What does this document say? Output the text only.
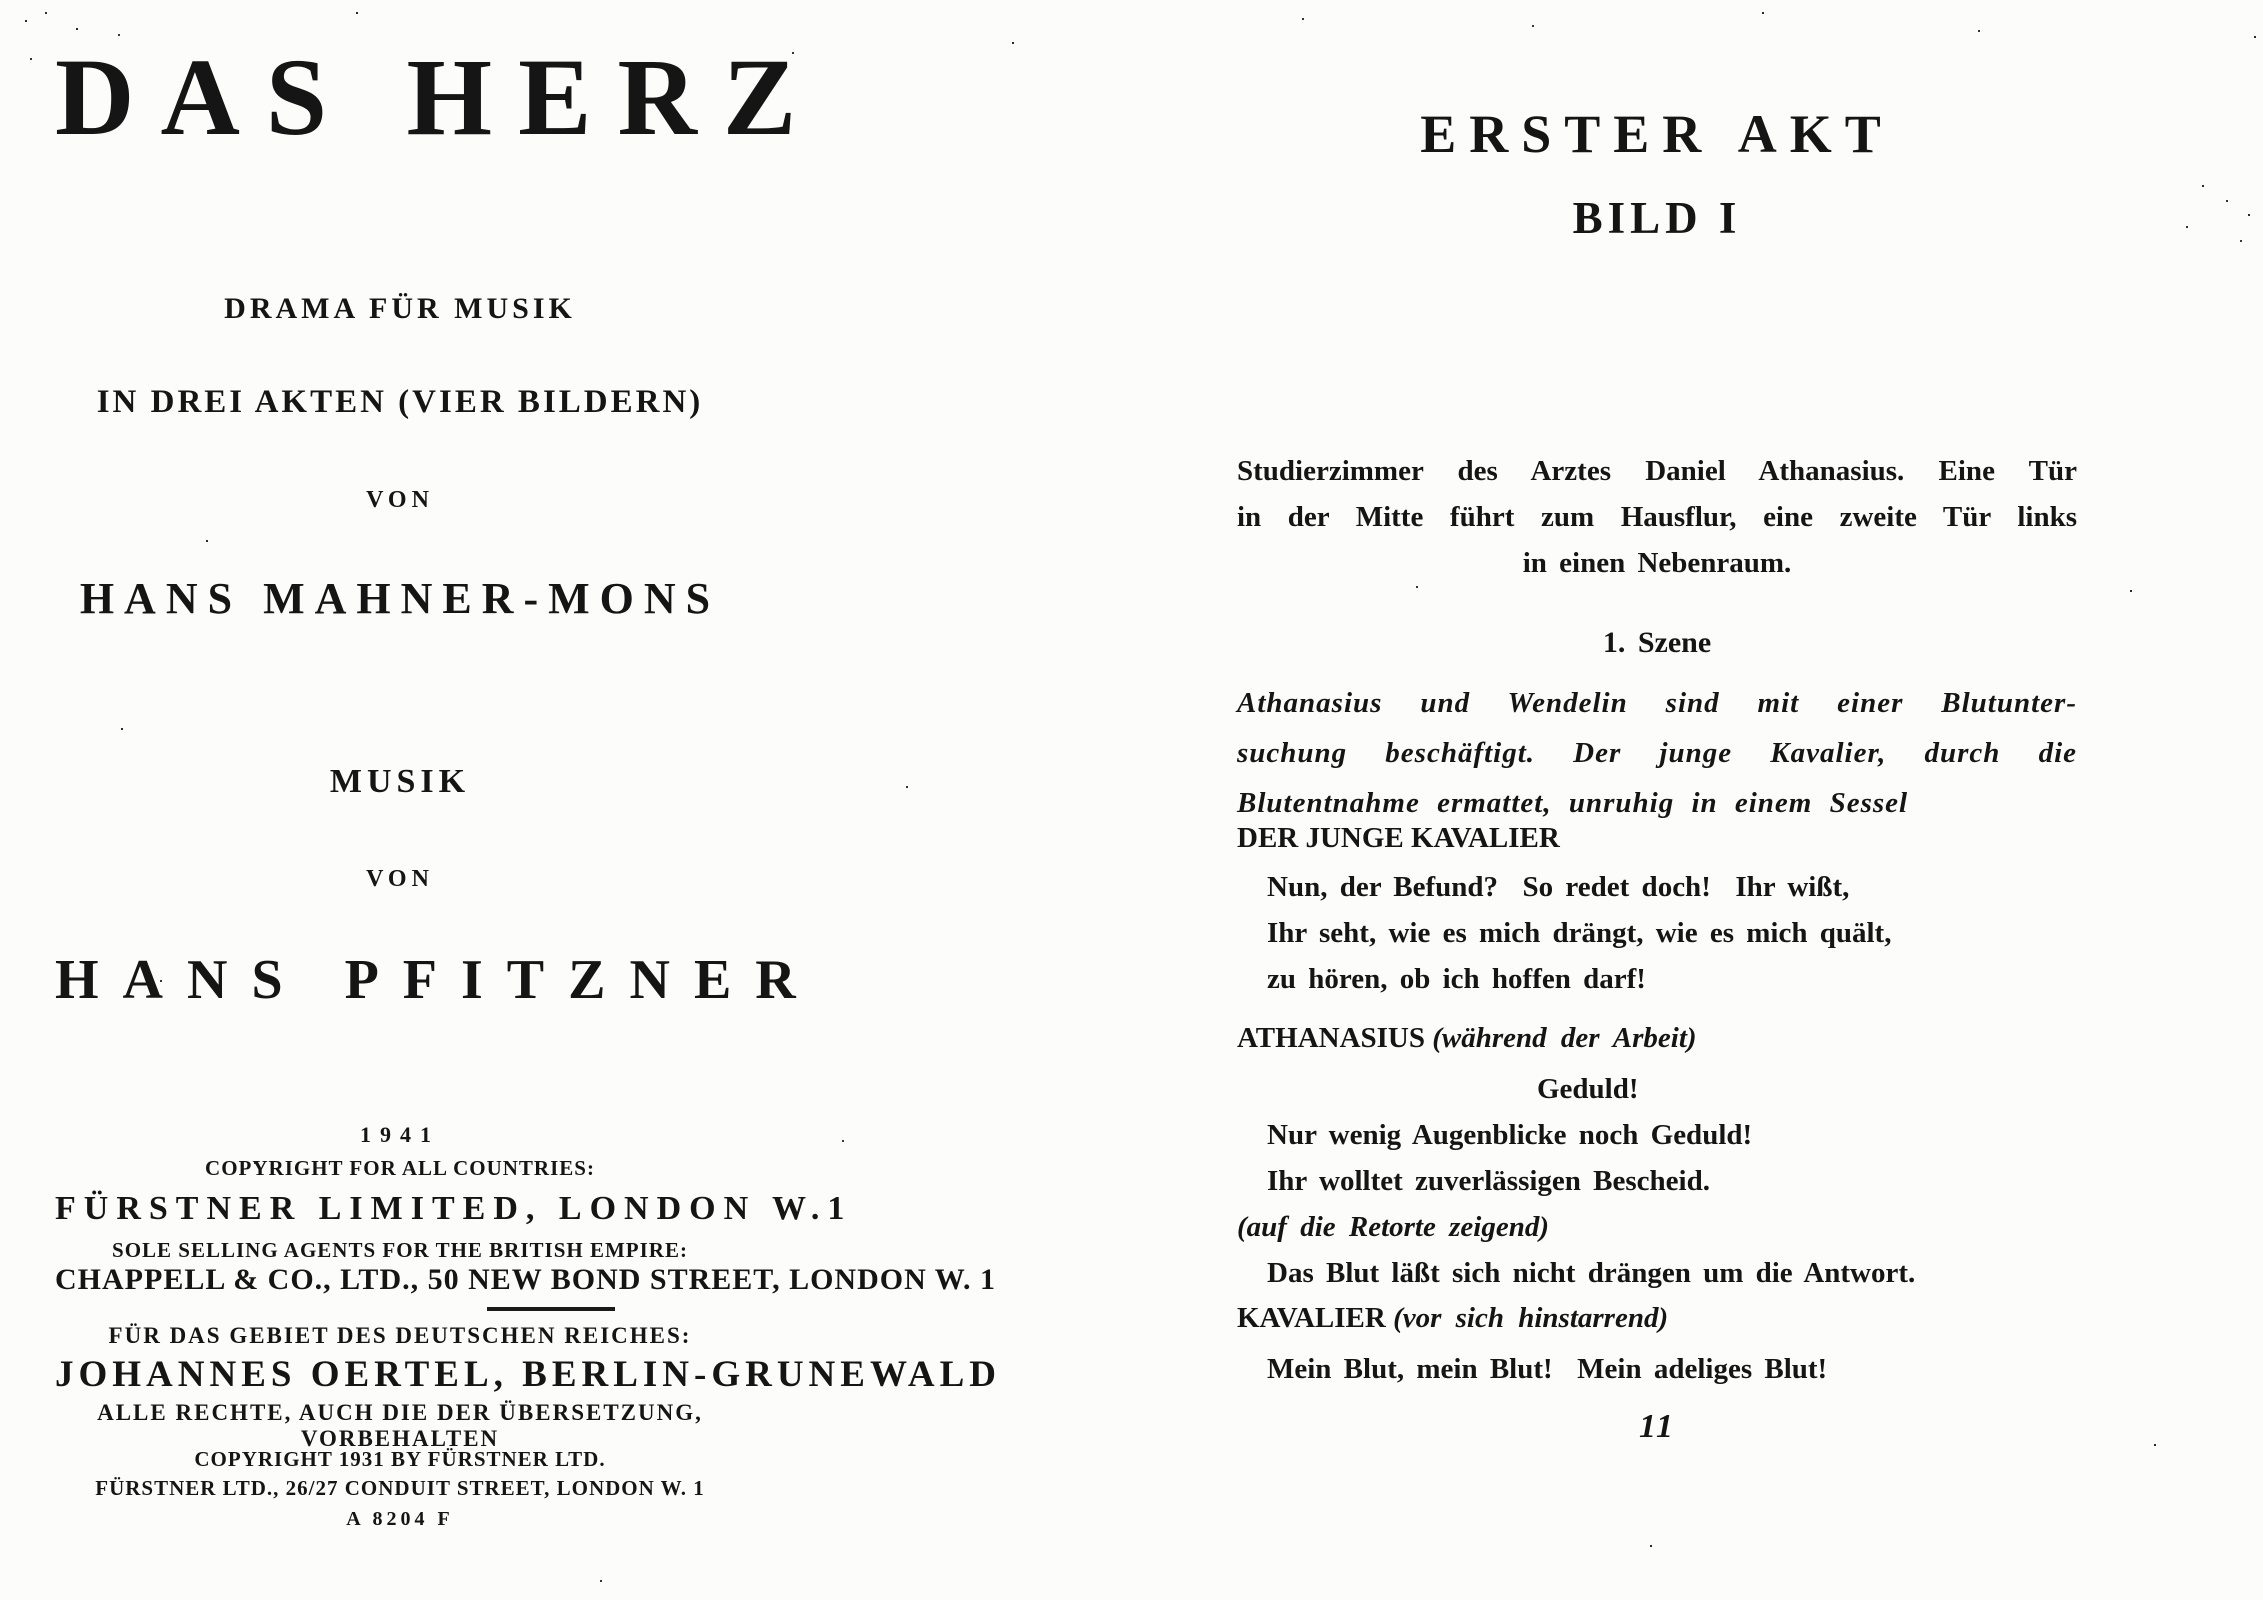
DAS HERZ
DRAMA FÜR MUSIK
IN DREI AKTEN (VIER BILDERN)
VON
HANS MAHNER-MONS
MUSIK
VON
HANS PFITZNER
1941
COPYRIGHT FOR ALL COUNTRIES:
FÜRSTNER LIMITED, LONDON W.1
SOLE SELLING AGENTS FOR THE BRITISH EMPIRE:
CHAPPELL & CO., LTD., 50 NEW BOND STREET, LONDON W. 1
FÜR DAS GEBIET DES DEUTSCHEN REICHES:
JOHANNES OERTEL, BERLIN-GRUNEWALD
ALLE RECHTE, AUCH DIE DER ÜBERSETZUNG, VORBEHALTEN
COPYRIGHT 1931 BY FÜRSTNER LTD.
FÜRSTNER LTD., 26/27 CONDUIT STREET, LONDON W. 1
A 8204 F
ERSTER AKT
BILD I
Studierzimmer des Arztes Daniel Athanasius. Eine Tür
in der Mitte führt zum Hausflur, eine zweite Tür links
in einen Nebenraum.
1. Szene
Athanasius und Wendelin sind mit einer Blutunter-
suchung beschäftigt. Der junge Kavalier, durch die
Blutentnahme ermattet, unruhig in einem Sessel
DER JUNGE KAVALIER
Nun, der Befund?  So redet doch!  Ihr wißt,
Ihr seht, wie es mich drängt, wie es mich quält,
zu hören, ob ich hoffen darf!
ATHANASIUS (während der Arbeit)
Geduld!
Nur wenig Augenblicke noch Geduld!
Ihr wolltet zuverlässigen Bescheid.
(auf die Retorte zeigend)
Das Blut läßt sich nicht drängen um die Antwort.
KAVALIER (vor sich hinstarrend)
Mein Blut, mein Blut!  Mein adeliges Blut!
11
